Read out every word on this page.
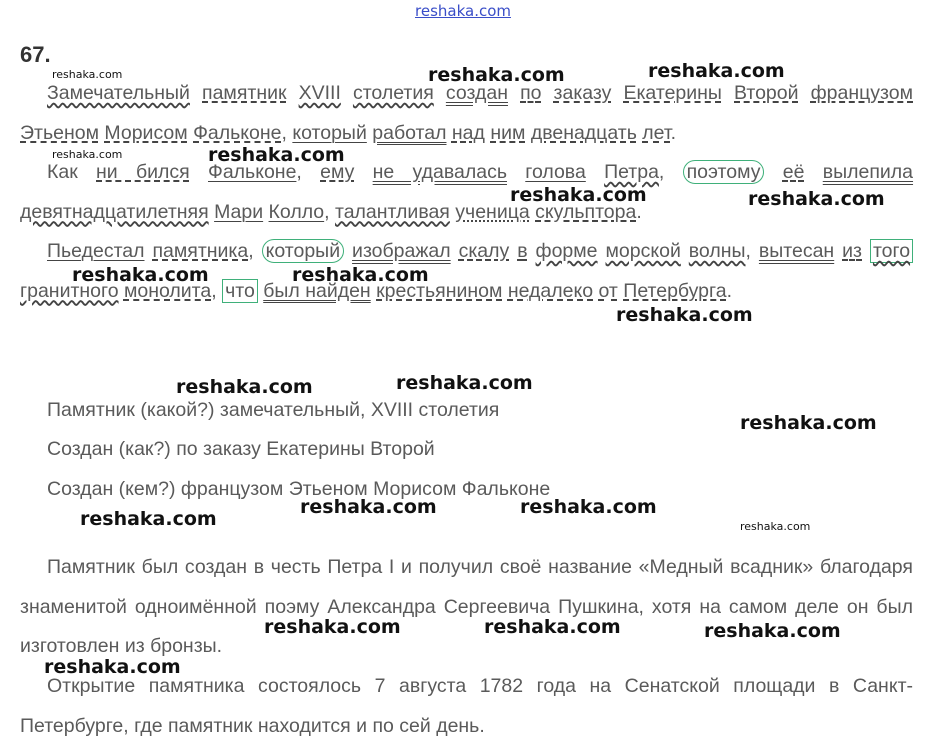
reshaka.com
67.

Замечательный памятник XVIII столетия создан по заказу Екатерины Второй французом Этьеном Морисом Фальконе, который работал над ним двенадцать лет.

Как ни бился Фальконе, ему не удавалась голова Петра, поэтому её вылепила девятнадцатилетняя Мари Колло, талантливая ученица скульптора.

Пьедестал памятника, который изображал скалу в форме морской волны, вытесан из того гранитного монолита, что был найден крестьянином недалеко от Петербурга.

Памятник (какой?) замечательный, XVIII столетия
Создан (как?) по заказу Екатерины Второй
Создан (кем?) французом Этьеном Морисом Фальконе

Памятник был создан в честь Петра I и получил своё название «Медный всадник» благодаря знаменитой одноимённой поэму Александра Сергеевича Пушкина, хотя на самом деле он был изготовлен из бронзы.

Открытие памятника состоялось 7 августа 1782 года на Сенатской площади в Санкт-Петербурге, где памятник находится и по сей день.

reshaka.com	reshaka.com	reshaka.com
reshaka.com	reshaka.com
reshaka.com	reshaka.com
reshaka.com	reshaka.com
reshaka.com
reshaka.com	reshaka.com
reshaka.com
reshaka.com
reshaka.com	reshaka.com
reshaka.com
reshaka.com	reshaka.com	reshaka.com
reshaka.com
